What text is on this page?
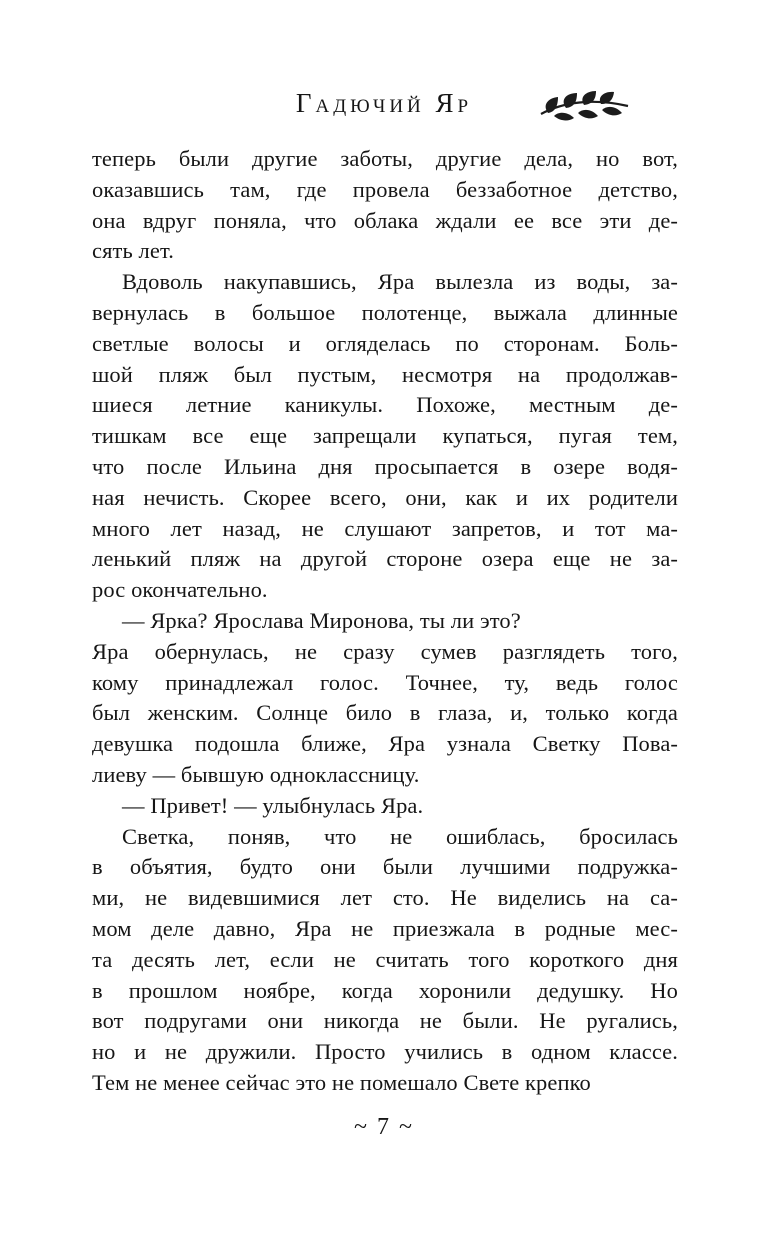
Гадючий Яр
теперь были другие заботы, другие дела, но вот,
оказавшись там, где провела беззаботное детство,
она вдруг поняла, что облака ждали ее все эти де-
сять лет.
Вдоволь накупавшись, Яра вылезла из воды, за-
вернулась в большое полотенце, выжала длинные
светлые волосы и огляделась по сторонам. Боль-
шой пляж был пустым, несмотря на продолжав-
шиеся летние каникулы. Похоже, местным де-
тишкам все еще запрещали купаться, пугая тем,
что после Ильина дня просыпается в озере водя-
ная нечисть. Скорее всего, они, как и их родители
много лет назад, не слушают запретов, и тот ма-
ленький пляж на другой стороне озера еще не за-
рос окончательно.
— Ярка? Ярослава Миронова, ты ли это?
Яра обернулась, не сразу сумев разглядеть того,
кому принадлежал голос. Точнее, ту, ведь голос
был женским. Солнце било в глаза, и, только когда
девушка подошла ближе, Яра узнала Светку Пова-
лиеву — бывшую одноклассницу.
— Привет! — улыбнулась Яра.
Светка, поняв, что не ошиблась, бросилась
в объятия, будто они были лучшими подружка-
ми, не видевшимися лет сто. Не виделись на са-
мом деле давно, Яра не приезжала в родные мес-
та десять лет, если не считать того короткого дня
в прошлом ноябре, когда хоронили дедушку. Но
вот подругами они никогда не были. Не ругались,
но и не дружили. Просто учились в одном классе.
Тем не менее сейчас это не помешало Свете крепко
~ 7 ~
